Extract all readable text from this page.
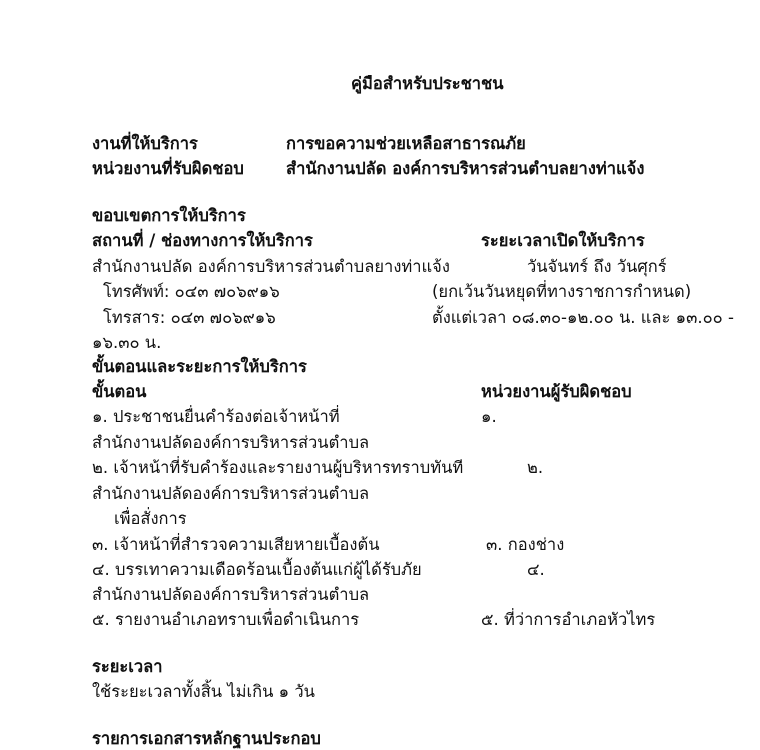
คู่มือสำหรับประชาชน
งานที่ให้บริการ	การขอความช่วยเหลือสาธารณภัย
หน่วยงานที่รับผิดชอบ	สำนักงานปลัด องค์การบริหารส่วนตำบลยางท่าแจ้ง
ขอบเขตการให้บริการ
สถานที่ / ช่องทางการให้บริการ	ระยะเวลาเปิดให้บริการ
สำนักงานปลัด องค์การบริหารส่วนตำบลยางท่าแจ้ง	วันจันทร์ ถึง วันศุกร์
โทรศัพท์: ๐๔๓ ๗๐๖๙๑๖	(ยกเว้นวันหยุดที่ทางราชการกำหนด)
โทรสาร: ๐๔๓ ๗๐๖๙๑๖	ตั้งแต่เวลา ๐๘.๓๐-๑๒.๐๐ น. และ ๑๓.๐๐ -
๑๖.๓๐ น.
ขั้นตอนและระยะการให้บริการ
ขั้นตอน	หน่วยงานผู้รับผิดชอบ
๑. ประชาชนยื่นคำร้องต่อเจ้าหน้าที่	๑.
สำนักงานปลัดองค์การบริหารส่วนตำบล
๒. เจ้าหน้าที่รับคำร้องและรายงานผู้บริหารทราบทันที	๒.
สำนักงานปลัดองค์การบริหารส่วนตำบล
เพื่อสั่งการ
๓. เจ้าหน้าที่สำรวจความเสียหายเบื้องต้น	๓. กองช่าง
๔. บรรเทาความเดือดร้อนเบื้องต้นแก่ผู้ได้รับภัย	๔.
สำนักงานปลัดองค์การบริหารส่วนตำบล
๕. รายงานอำเภอทราบเพื่อดำเนินการ	๕. ที่ว่าการอำเภอหัวไทร
ระยะเวลา
ใช้ระยะเวลาทั้งสิ้น ไม่เกิน ๑ วัน
รายการเอกสารหลักฐานประกอบ
